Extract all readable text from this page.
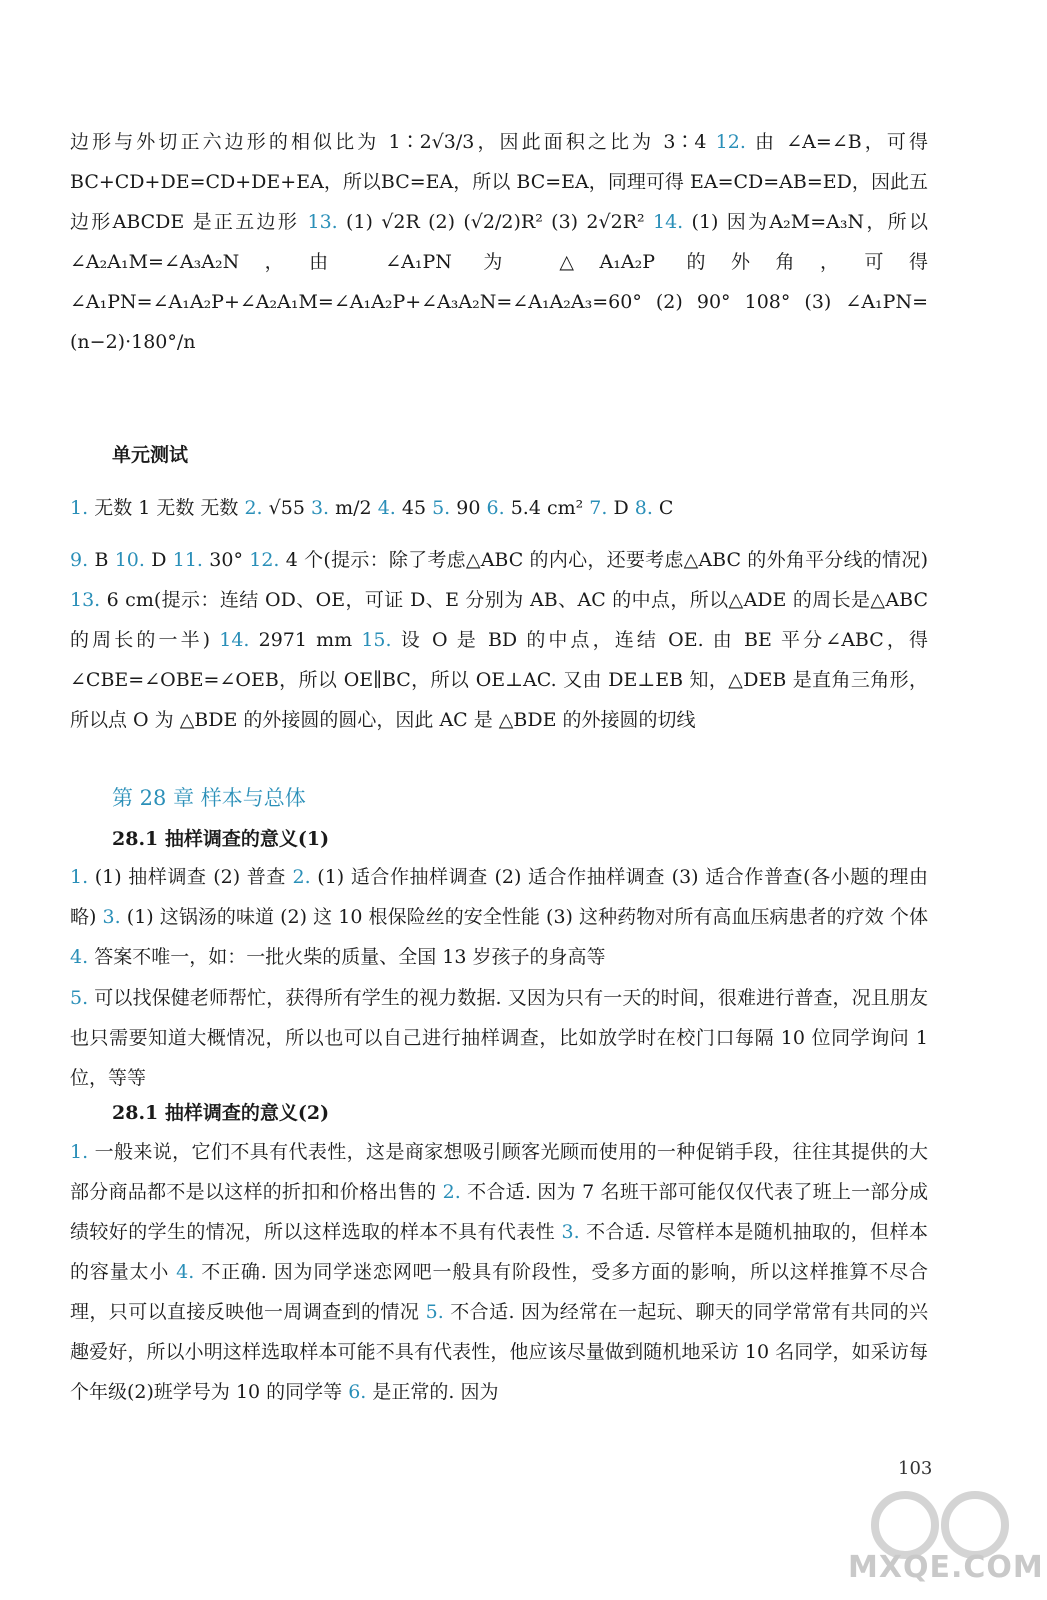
边形与外切正六边形的相似比为 1∶2√3/3，因此面积之比为 3∶4 12. 由 ∠A=∠B，可得BC+CD+DE=CD+DE+EA，所以BC=EA，所以 BC=EA，同理可得 EA=CD=AB=ED，因此五边形ABCDE 是正五边形 13. (1) √2R (2) (√2/2)R² (3) 2√2R² 14. (1) 因为A₂M=A₃N，所以 ∠A₂A₁M=∠A₃A₂N，由 ∠A₁PN 为 △A₁A₂P 的外角，可得 ∠A₁PN=∠A₁A₂P+∠A₂A₁M=∠A₁A₂P+∠A₃A₂N=∠A₁A₂A₃=60° (2) 90° 108° (3) ∠A₁PN=(n−2)·180°/n

单元测试

1. 无数 1 无数 无数 2. √55 3. m/2 4. 45 5. 90 6. 5.4 cm² 7. D 8. C

9. B 10. D 11. 30° 12. 4 个(提示：除了考虑△ABC 的内心，还要考虑△ABC 的外角平分线的情况) 13. 6 cm(提示：连结 OD、OE，可证 D、E 分别为 AB、AC 的中点，所以△ADE 的周长是△ABC 的周长的一半) 14. 2971 mm 15. 设 O 是 BD 的中点，连结 OE. 由 BE 平分∠ABC，得 ∠CBE=∠OBE=∠OEB，所以 OE∥BC，所以 OE⊥AC. 又由 DE⊥EB 知，△DEB 是直角三角形，所以点 O 为 △BDE 的外接圆的圆心，因此 AC 是 △BDE 的外接圆的切线

第 28 章 样本与总体
28.1 抽样调查的意义(1)

1. (1) 抽样调查 (2) 普查 2. (1) 适合作抽样调查 (2) 适合作抽样调查 (3) 适合作普查(各小题的理由略) 3. (1) 这锅汤的味道 (2) 这 10 根保险丝的安全性能 (3) 这种药物对所有高血压病患者的疗效 个体 4. 答案不唯一，如：一批火柴的质量、全国 13 岁孩子的身高等

5. 可以找保健老师帮忙，获得所有学生的视力数据. 又因为只有一天的时间，很难进行普查，况且朋友也只需要知道大概情况，所以也可以自己进行抽样调查，比如放学时在校门口每隔 10 位同学询问 1 位，等等

28.1 抽样调查的意义(2)

1. 一般来说，它们不具有代表性，这是商家想吸引顾客光顾而使用的一种促销手段，往往其提供的大部分商品都不是以这样的折扣和价格出售的 2. 不合适. 因为 7 名班干部可能仅仅代表了班上一部分成绩较好的学生的情况，所以这样选取的样本不具有代表性 3. 不合适. 尽管样本是随机抽取的，但样本的容量太小 4. 不正确. 因为同学迷恋网吧一般具有阶段性，受多方面的影响，所以这样推算不尽合理，只可以直接反映他一周调查到的情况 5. 不合适. 因为经常在一起玩、聊天的同学常常有共同的兴趣爱好，所以小明这样选取样本可能不具有代表性，他应该尽量做到随机地采访 10 名同学，如采访每个年级(2)班学号为 10 的同学等 6. 是正常的. 因为

103
MXQE.COM
